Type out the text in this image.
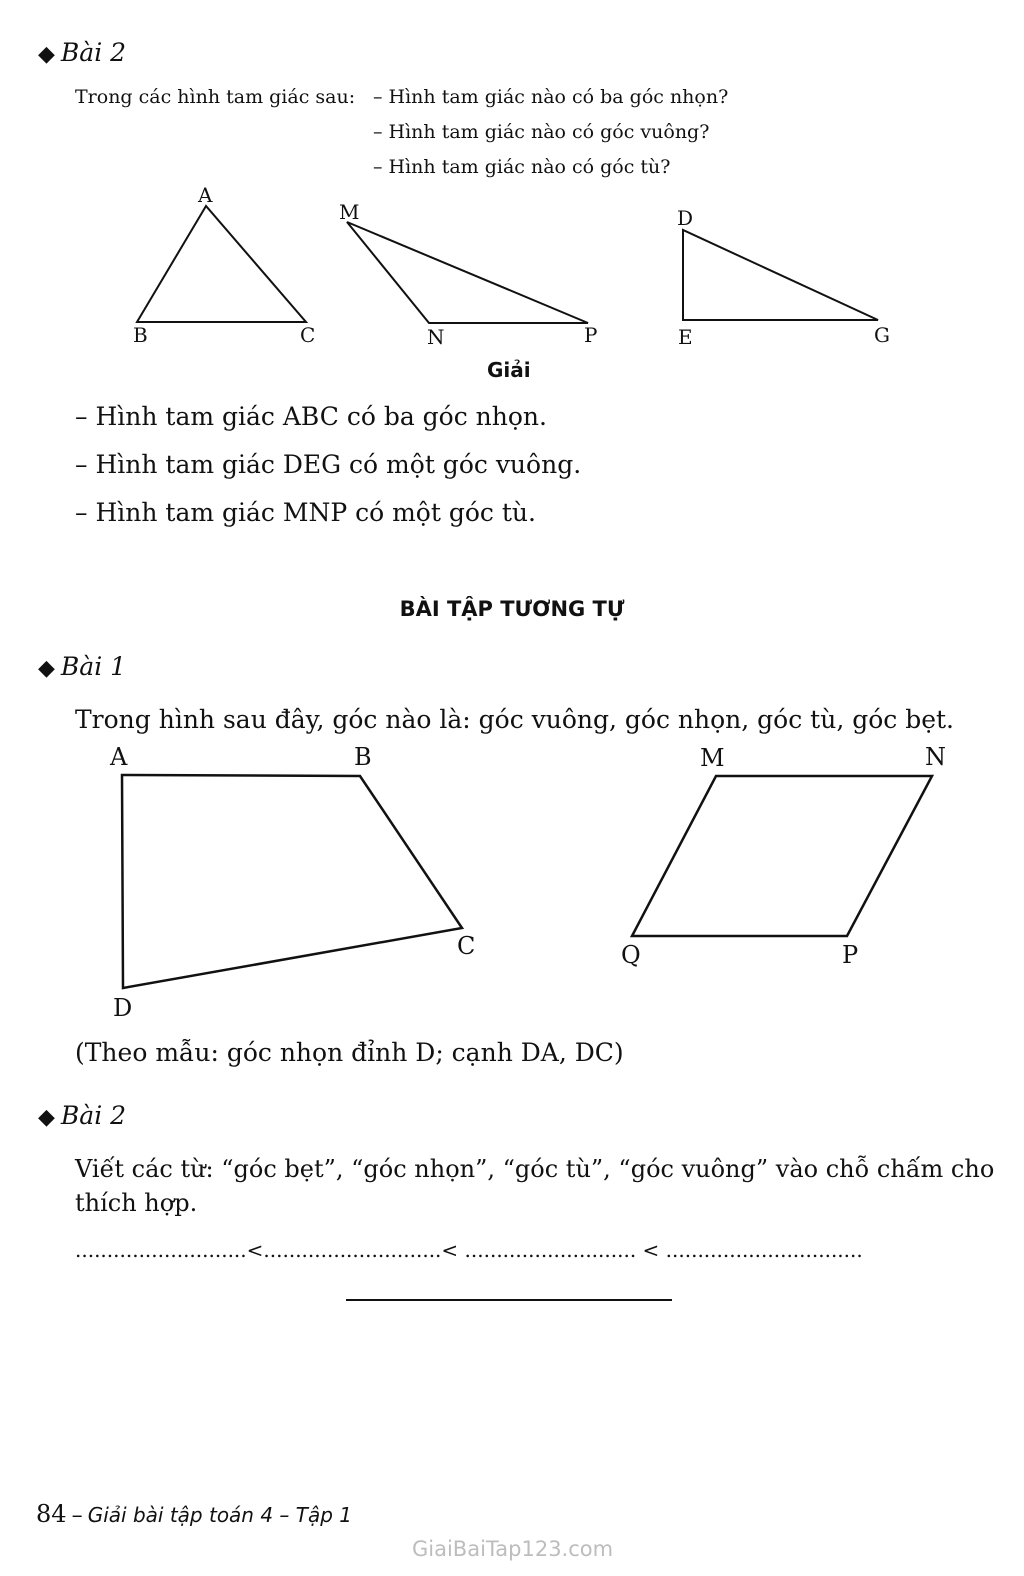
◆ Bài 2
Trong các hình tam giác sau: – Hình tam giác nào có ba góc nhọn?
– Hình tam giác nào có góc vuông?
– Hình tam giác nào có góc tù?
A
B	C
M
N	P
D
E	G
Giải
– Hình tam giác ABC có ba góc nhọn.
– Hình tam giác DEG có một góc vuông.
– Hình tam giác MNP có một góc tù.
BÀI TẬP TƯƠNG TỰ
◆ Bài 1
Trong hình sau đây, góc nào là: góc vuông, góc nhọn, góc tù, góc bẹt.
A	B
C
D
M	N
P
Q
(Theo mẫu: góc nhọn đỉnh D; cạnh DA, DC)
◆ Bài 2
Viết các từ: “góc bẹt”, “góc nhọn”, “góc tù”, “góc vuông” vào chỗ chấm cho
thích hợp.
...........................<............................< ........................... < ...............................
84 – Giải bài tập toán 4 – Tập 1
GiaiBaiTap123.com
